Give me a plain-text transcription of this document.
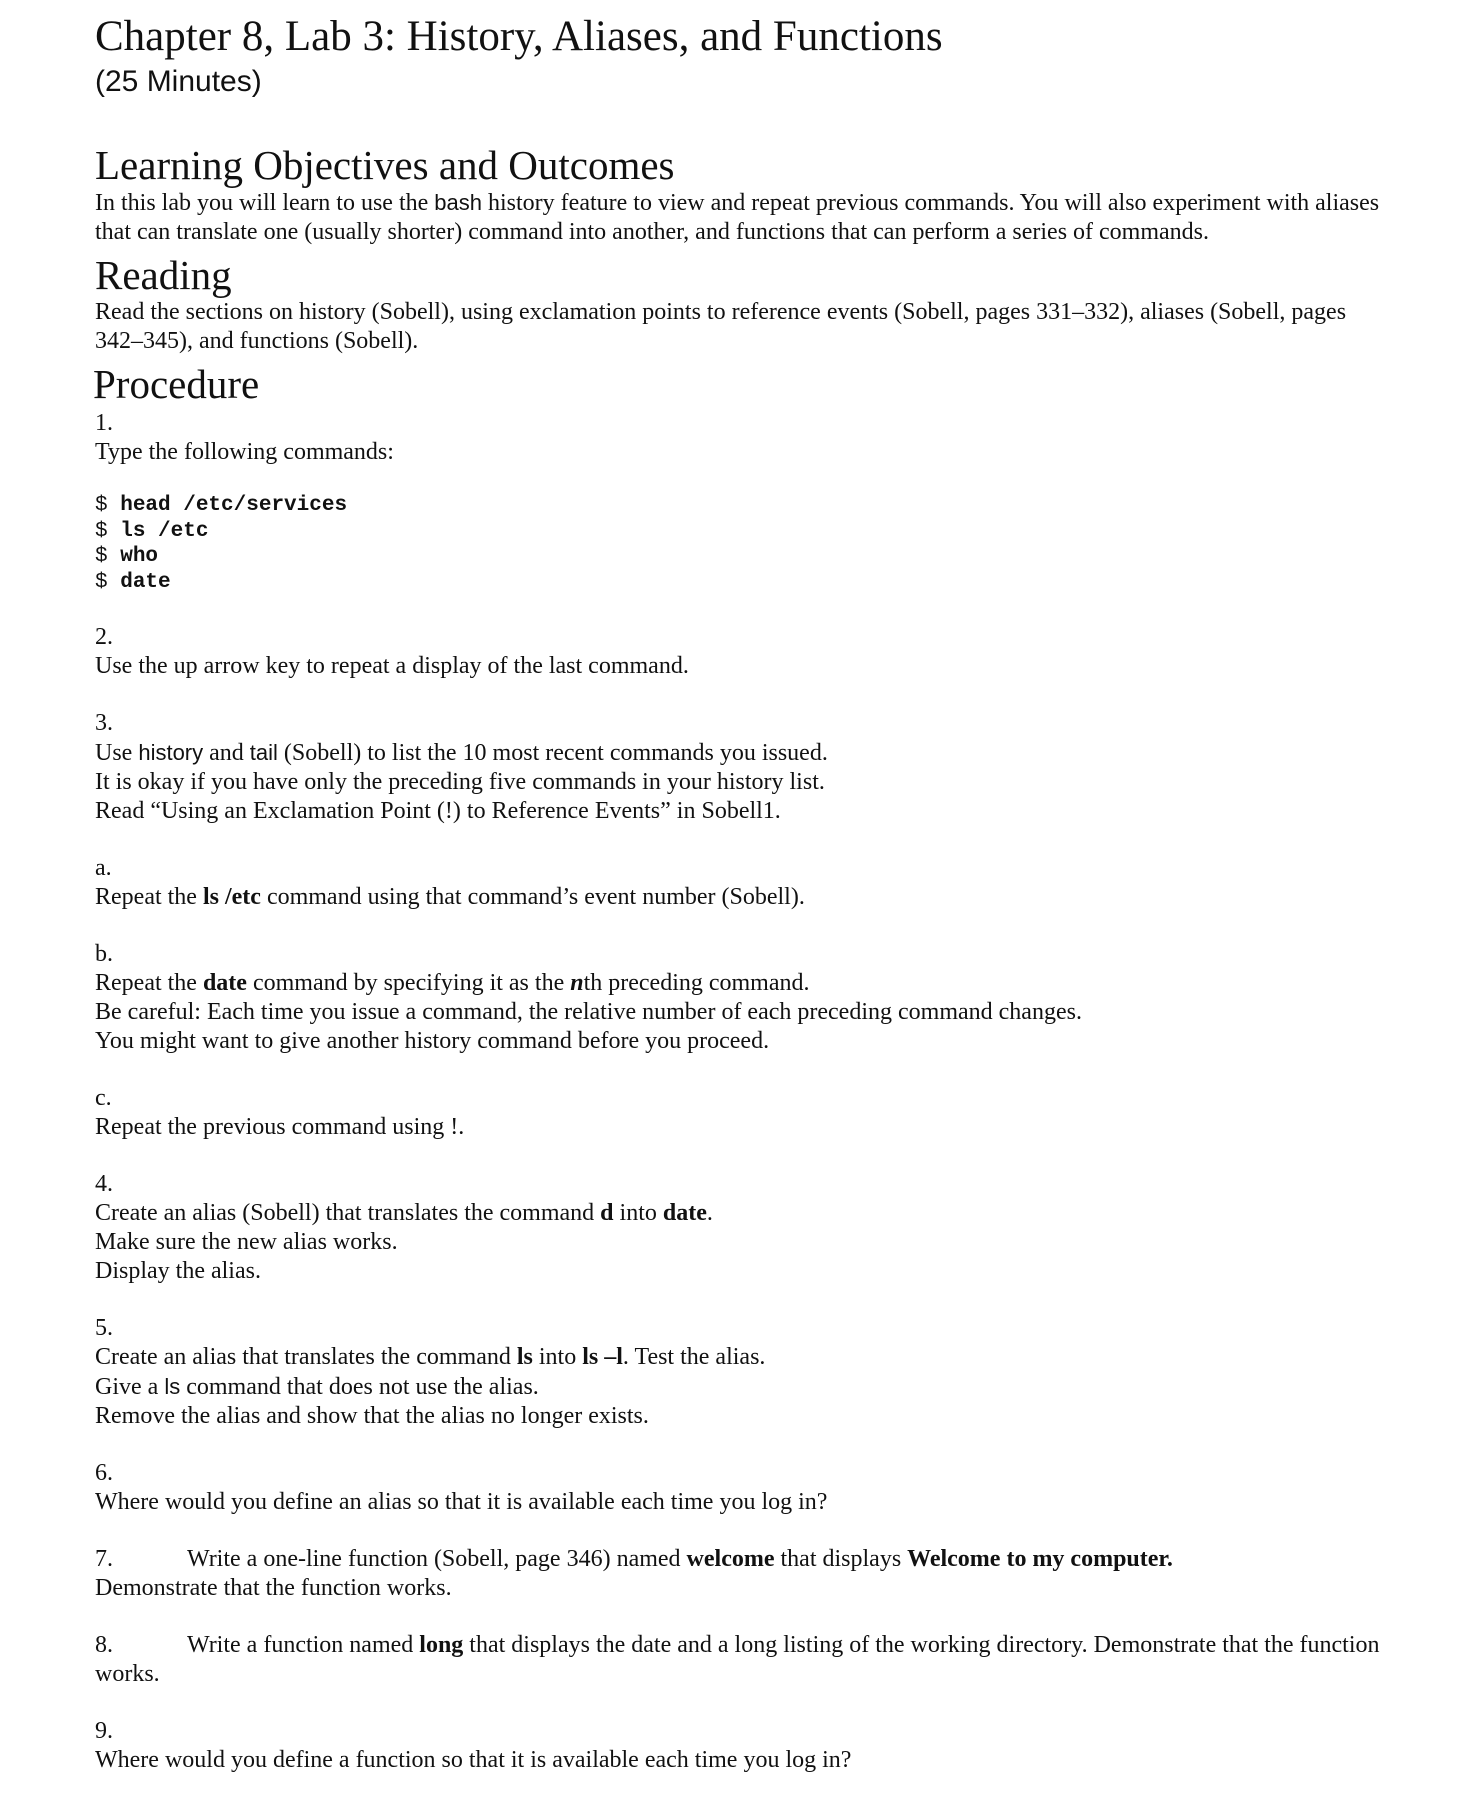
Chapter 8, Lab 3: History, Aliases, and Functions
(25 Minutes)
Learning Objectives and Outcomes

In this lab you will learn to use the bash history feature to view and repeat previous commands. You will also experiment with aliases that can translate one (usually shorter) command into another, and functions that can perform a series of commands.

Reading

Read the sections on history (Sobell), using exclamation points to reference events (Sobell, pages 331–332), aliases (Sobell, pages 342–345), and functions (Sobell).

Procedure

1.

Type the following commands:

$ head /etc/services
$ ls /etc
$ who
$ date

2.

Use the up arrow key to repeat a display of the last command.

3.

Use history and tail (Sobell) to list the 10 most recent commands you issued.

It is okay if you have only the preceding five commands in your history list.

Read “Using an Exclamation Point (!) to Reference Events” in Sobell1.

a.

Repeat the ls /etc command using that command’s event number (Sobell).

b.

Repeat the date command by specifying it as the nth preceding command.

Be careful: Each time you issue a command, the relative number of each preceding command changes.

You might want to give another history command before you proceed.

c.

Repeat the previous command using !.

4.

Create an alias (Sobell) that translates the command d into date.

Make sure the new alias works.

Display the alias.

5.

Create an alias that translates the command ls into ls –l. Test the alias.

Give a ls command that does not use the alias.

Remove the alias and show that the alias no longer exists.

6.

Where would you define an alias so that it is available each time you log in?

7.	Write a one-line function (Sobell, page 346) named welcome that displays Welcome to my computer.

Demonstrate that the function works.

8.	Write a function named long that displays the date and a long listing of the working directory. Demonstrate that the function works.

9.

Where would you define a function so that it is available each time you log in?
